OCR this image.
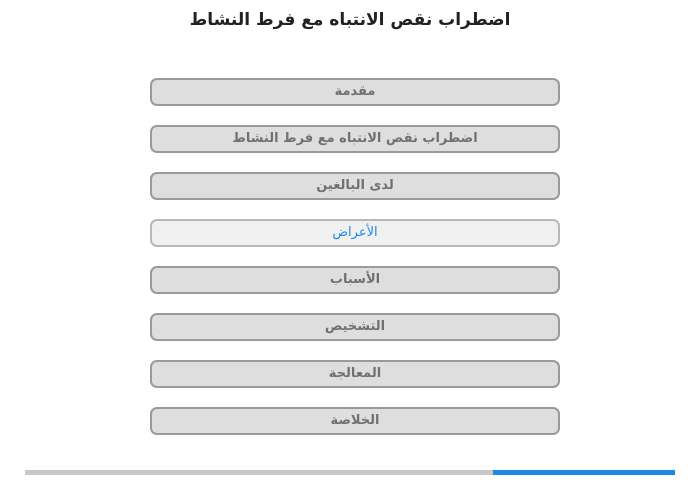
اضطراب نقص الانتباه مع فرط النشاط
مقدمة
اضطراب نقص الانتباه مع فرط النشاط
لدى البالغين
الأعراض
الأسباب
التشخيص
المعالجة
الخلاصة
